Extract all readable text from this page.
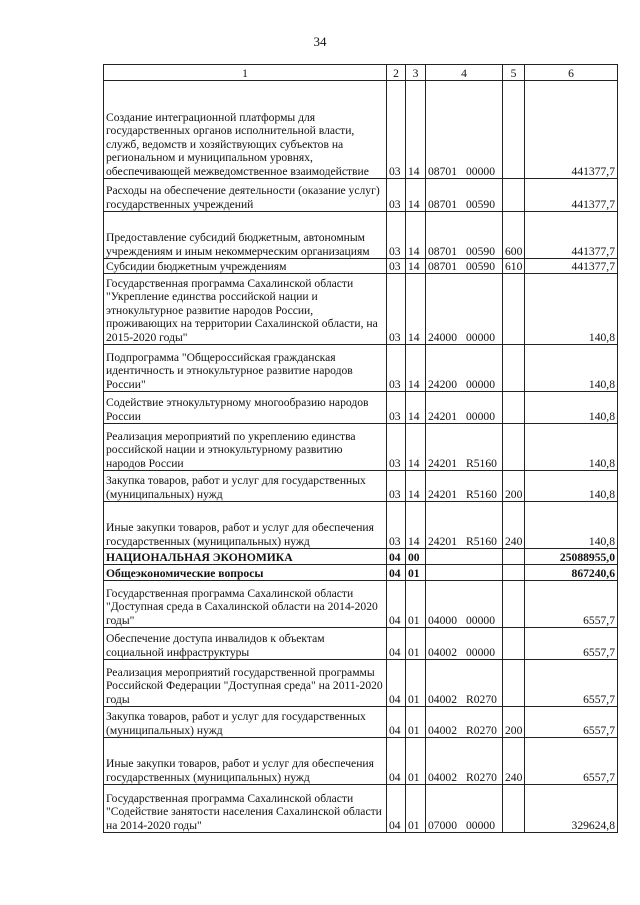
34
1	2	3	4	5	6
Создание интеграционной платформы для государственных органов исполнительной власти, служб, ведомств и хозяйствующих субъектов на региональном и муниципальном уровнях, обеспечивающей межведомственное взаимодействие	03	14	08701 00000		441377,7
Расходы на обеспечение деятельности (оказание услуг) государственных учреждений	03	14	08701 00590		441377,7
Предоставление субсидий бюджетным, автономным учреждениям и иным некоммерческим организациям	03	14	08701 00590	600	441377,7
Субсидии бюджетным учреждениям	03	14	08701 00590	610	441377,7
Государственная программа Сахалинской области "Укрепление единства российской нации и этнокультурное развитие народов России, проживающих на территории Сахалинской области, на 2015-2020 годы"	03	14	24000 00000		140,8
Подпрограмма "Общероссийская гражданская идентичность и этнокультурное развитие народов России"	03	14	24200 00000		140,8
Содействие этнокультурному многообразию народов России	03	14	24201 00000		140,8
Реализация мероприятий по укреплению единства российской нации и этнокультурному развитию народов России	03	14	24201 R5160		140,8
Закупка товаров, работ и услуг для государственных (муниципальных) нужд	03	14	24201 R5160	200	140,8
Иные закупки товаров, работ и услуг для обеспечения государственных (муниципальных) нужд	03	14	24201 R5160	240	140,8
НАЦИОНАЛЬНАЯ ЭКОНОМИКА	04	00			25088955,0
Общеэкономические вопросы	04	01			867240,6
Государственная программа Сахалинской области "Доступная среда в Сахалинской области на 2014-2020 годы"	04	01	04000 00000		6557,7
Обеспечение доступа инвалидов к объектам социальной инфраструктуры	04	01	04002 00000		6557,7
Реализация мероприятий государственной программы Российской Федерации "Доступная среда" на 2011-2020 годы	04	01	04002 R0270		6557,7
Закупка товаров, работ и услуг для государственных (муниципальных) нужд	04	01	04002 R0270	200	6557,7
Иные закупки товаров, работ и услуг для обеспечения государственных (муниципальных) нужд	04	01	04002 R0270	240	6557,7
Государственная программа Сахалинской области "Содействие занятости населения Сахалинской области на 2014-2020 годы"	04	01	07000 00000		329624,8
